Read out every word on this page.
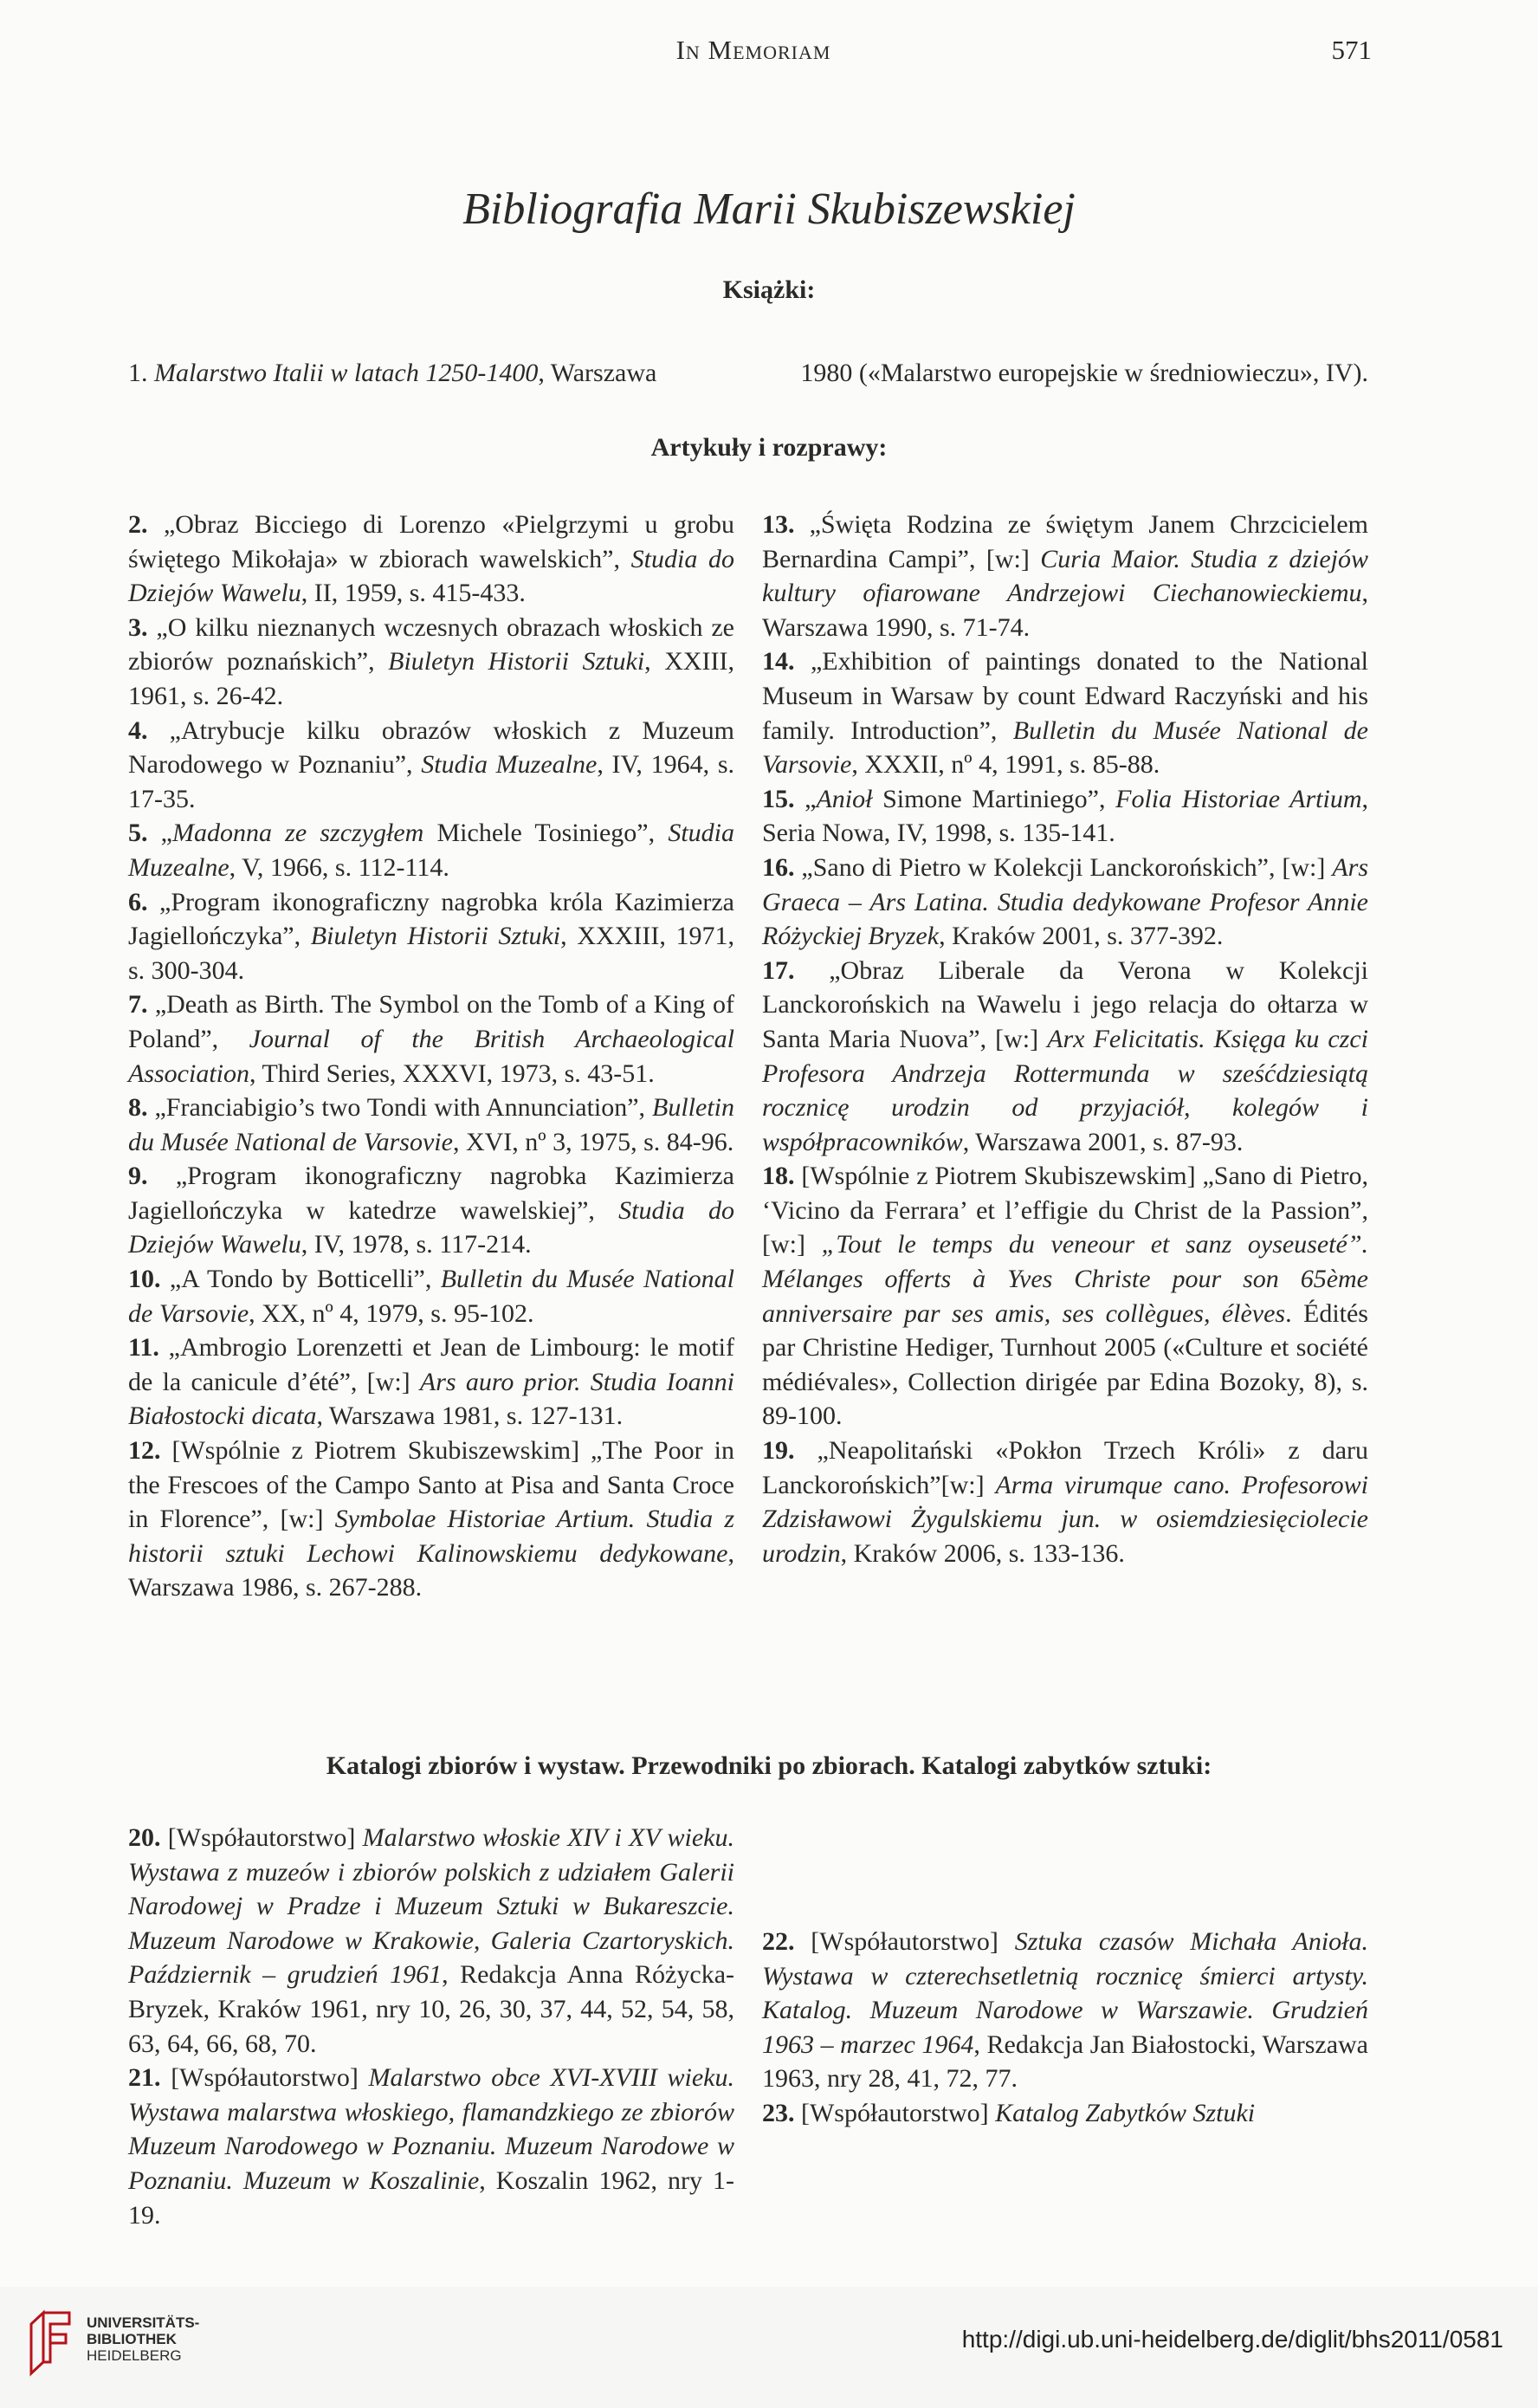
In Memoriam	571
Bibliografia Marii Skubiszewskiej
Książki:
1. Malarstwo Italii w latach 1250-1400, Warszawa	1980 («Malarstwo europejskie w średniowieczu», IV).
Artykuły i rozprawy:

2. „Obraz Bicciego di Lorenzo «Pielgrzymi u grobu świętego Mikołaja» w zbiorach wawelskich”, Studia do Dziejów Wawelu, II, 1959, s. 415-433.

3. „O kilku nieznanych wczesnych obrazach włoskich ze zbiorów poznańskich”, Biuletyn Historii Sztuki, XXIII, 1961, s. 26-42.

4. „Atrybucje kilku obrazów włoskich z Muzeum Narodowego w Poznaniu”, Studia Muzealne, IV, 1964, s. 17-35.

5. „Madonna ze szczygłem Michele Tosiniego”, Studia Muzealne, V, 1966, s. 112-114.

6. „Program ikonograficzny nagrobka króla Kazimierza Jagiellończyka”, Biuletyn Historii Sztuki, XXXIII, 1971, s. 300-304.

7. „Death as Birth. The Symbol on the Tomb of a King of Poland”, Journal of the British Archaeological Association, Third Series, XXXVI, 1973, s. 43-51.

8. „Franciabigio’s two Tondi with Annunciation”, Bulletin du Musée National de Varsovie, XVI, nº 3, 1975, s. 84-96.

9. „Program ikonograficzny nagrobka Kazimierza Jagiellończyka w katedrze wawelskiej”, Studia do Dziejów Wawelu, IV, 1978, s. 117-214.

10. „A Tondo by Botticelli”, Bulletin du Musée National de Varsovie, XX, nº 4, 1979, s. 95-102.

11. „Ambrogio Lorenzetti et Jean de Limbourg: le motif de la canicule d’été”, [w:] Ars auro prior. Studia Ioanni Białostocki dicata, Warszawa 1981, s. 127-131.

12. [Wspólnie z Piotrem Skubiszewskim] „The Poor in the Frescoes of the Campo Santo at Pisa and Santa Croce in Florence”, [w:] Symbolae Historiae Artium. Studia z historii sztuki Lechowi Kalinowskiemu dedykowane, Warszawa 1986, s. 267-288.

13. „Święta Rodzina ze świętym Janem Chrzcicielem Bernardina Campi”, [w:] Curia Maior. Studia z dziejów kultury ofiarowane Andrzejowi Ciechanowieckiemu, Warszawa 1990, s. 71-74.

14. „Exhibition of paintings donated to the National Museum in Warsaw by count Edward Raczyński and his family. Introduction”, Bulletin du Musée National de Varsovie, XXXII, nº 4, 1991, s. 85-88.

15. „Anioł Simone Martiniego”, Folia Historiae Artium, Seria Nowa, IV, 1998, s. 135-141.

16. „Sano di Pietro w Kolekcji Lanckorońskich”, [w:] Ars Graeca – Ars Latina. Studia dedykowane Profesor Annie Różyckiej Bryzek, Kraków 2001, s. 377-392.

17. „Obraz Liberale da Verona w Kolekcji Lanckorońskich na Wawelu i jego relacja do ołtarza w Santa Maria Nuova”, [w:] Arx Felicitatis. Księga ku czci Profesora Andrzeja Rottermunda w sześćdziesiątą rocznicę urodzin od przyjaciół, kolegów i współpracowników, Warszawa 2001, s. 87-93.

18. [Wspólnie z Piotrem Skubiszewskim] „Sano di Pietro, ‘Vicino da Ferrara’ et l’effigie du Christ de la Passion”, [w:] „Tout le temps du veneour et sanz oyseuseté”. Mélanges offerts à Yves Christe pour son 65ème anniversaire par ses amis, ses collègues, élèves. Édités par Christine Hediger, Turnhout 2005 («Culture et société médiévales», Collection dirigée par Edina Bozoky, 8), s. 89-100.

19. „Neapolitański «Pokłon Trzech Króli» z daru Lanckorońskich”[w:] Arma virumque cano. Profesorowi Zdzisławowi Żygulskiemu jun. w osiemdziesięciolecie urodzin, Kraków 2006, s. 133-136.

Katalogi zbiorów i wystaw. Przewodniki po zbiorach. Katalogi zabytków sztuki:

20. [Współautorstwo] Malarstwo włoskie XIV i XV wieku. Wystawa z muzeów i zbiorów polskich z udziałem Galerii Narodowej w Pradze i Muzeum Sztuki w Bukareszcie. Muzeum Narodowe w Krakowie, Galeria Czartoryskich. Październik – grudzień 1961, Redakcja Anna Różycka-Bryzek, Kraków 1961, nry 10, 26, 30, 37, 44, 52, 54, 58, 63, 64, 66, 68, 70.

21. [Współautorstwo] Malarstwo obce XVI-XVIII wieku. Wystawa malarstwa włoskiego, flamandzkiego ze zbiorów Muzeum Narodowego w Poznaniu. Muzeum Narodowe w Poznaniu. Muzeum w Koszalinie, Koszalin 1962, nry 1-19.

22. [Współautorstwo] Sztuka czasów Michała Anioła. Wystawa w czterechsetletnią rocznicę śmierci artysty. Katalog. Muzeum Narodowe w Warszawie. Grudzień 1963 – marzec 1964, Redakcja Jan Białostocki, Warszawa 1963, nry 28, 41, 72, 77.

23. [Współautorstwo] Katalog Zabytków Sztuki

UNIVERSITÄTS-
BIBLIOTHEK
HEIDELBERG
http://digi.ub.uni-heidelberg.de/diglit/bhs2011/0581
